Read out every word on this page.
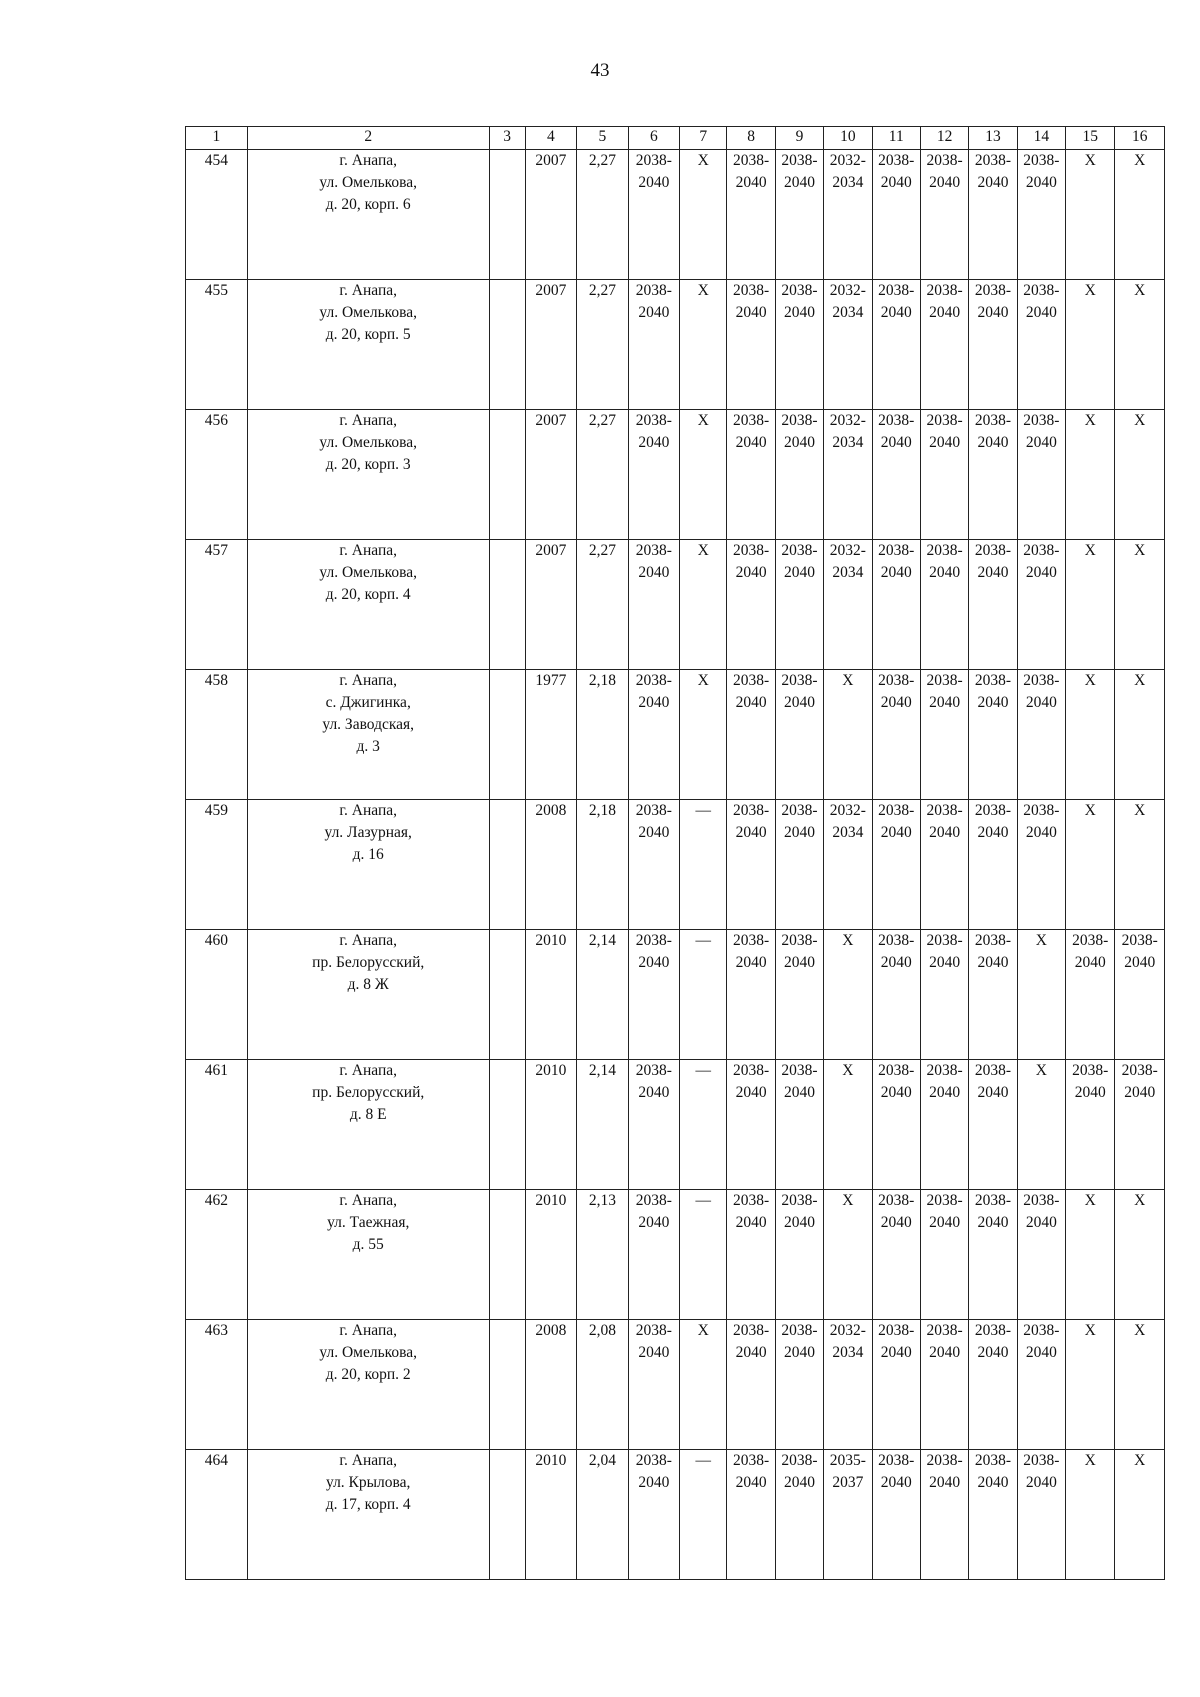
43
1	2	3	4	5	6	7	8	9	10	11	12	13	14	15	16
454	г. Анапа,
ул. Омелькова,
д. 20, корп. 6		2007	2,27	2038-
2040	Х	2038-
2040	2038-
2040	2032-
2034	2038-
2040	2038-
2040	2038-
2040	2038-
2040	Х	Х

455	г. Анапа,
ул. Омелькова,
д. 20, корп. 5		2007	2,27	2038-
2040	Х	2038-
2040	2038-
2040	2032-
2034	2038-
2040	2038-
2040	2038-
2040	2038-
2040	Х	Х

456	г. Анапа,
ул. Омелькова,
д. 20, корп. 3		2007	2,27	2038-
2040	Х	2038-
2040	2038-
2040	2032-
2034	2038-
2040	2038-
2040	2038-
2040	2038-
2040	Х	Х

457	г. Анапа,
ул. Омелькова,
д. 20, корп. 4		2007	2,27	2038-
2040	Х	2038-
2040	2038-
2040	2032-
2034	2038-
2040	2038-
2040	2038-
2040	2038-
2040	Х	Х

458	г. Анапа,
с. Джигинка,
ул. Заводская,
д. 3		1977	2,18	2038-
2040	Х	2038-
2040	2038-
2040	Х	2038-
2040	2038-
2040	2038-
2040	2038-
2040	Х	Х

459	г. Анапа,
ул. Лазурная,
д. 16		2008	2,18	2038-
2040	—	2038-
2040	2038-
2040	2032-
2034	2038-
2040	2038-
2040	2038-
2040	2038-
2040	Х	Х

460	г. Анапа,
пр. Белорусский,
д. 8 Ж		2010	2,14	2038-
2040	—	2038-
2040	2038-
2040	Х	2038-
2040	2038-
2040	2038-
2040	Х	2038-
2040	2038-
2040

461	г. Анапа,
пр. Белорусский,
д. 8 Е		2010	2,14	2038-
2040	—	2038-
2040	2038-
2040	Х	2038-
2040	2038-
2040	2038-
2040	Х	2038-
2040	2038-
2040

462	г. Анапа,
ул. Таежная,
д. 55		2010	2,13	2038-
2040	—	2038-
2040	2038-
2040	Х	2038-
2040	2038-
2040	2038-
2040	2038-
2040	Х	Х

463	г. Анапа,
ул. Омелькова,
д. 20, корп. 2		2008	2,08	2038-
2040	Х	2038-
2040	2038-
2040	2032-
2034	2038-
2040	2038-
2040	2038-
2040	2038-
2040	Х	Х

464	г. Анапа,
ул. Крылова,
д. 17, корп. 4		2010	2,04	2038-
2040	—	2038-
2040	2038-
2040	2035-
2037	2038-
2040	2038-
2040	2038-
2040	2038-
2040	Х	Х
